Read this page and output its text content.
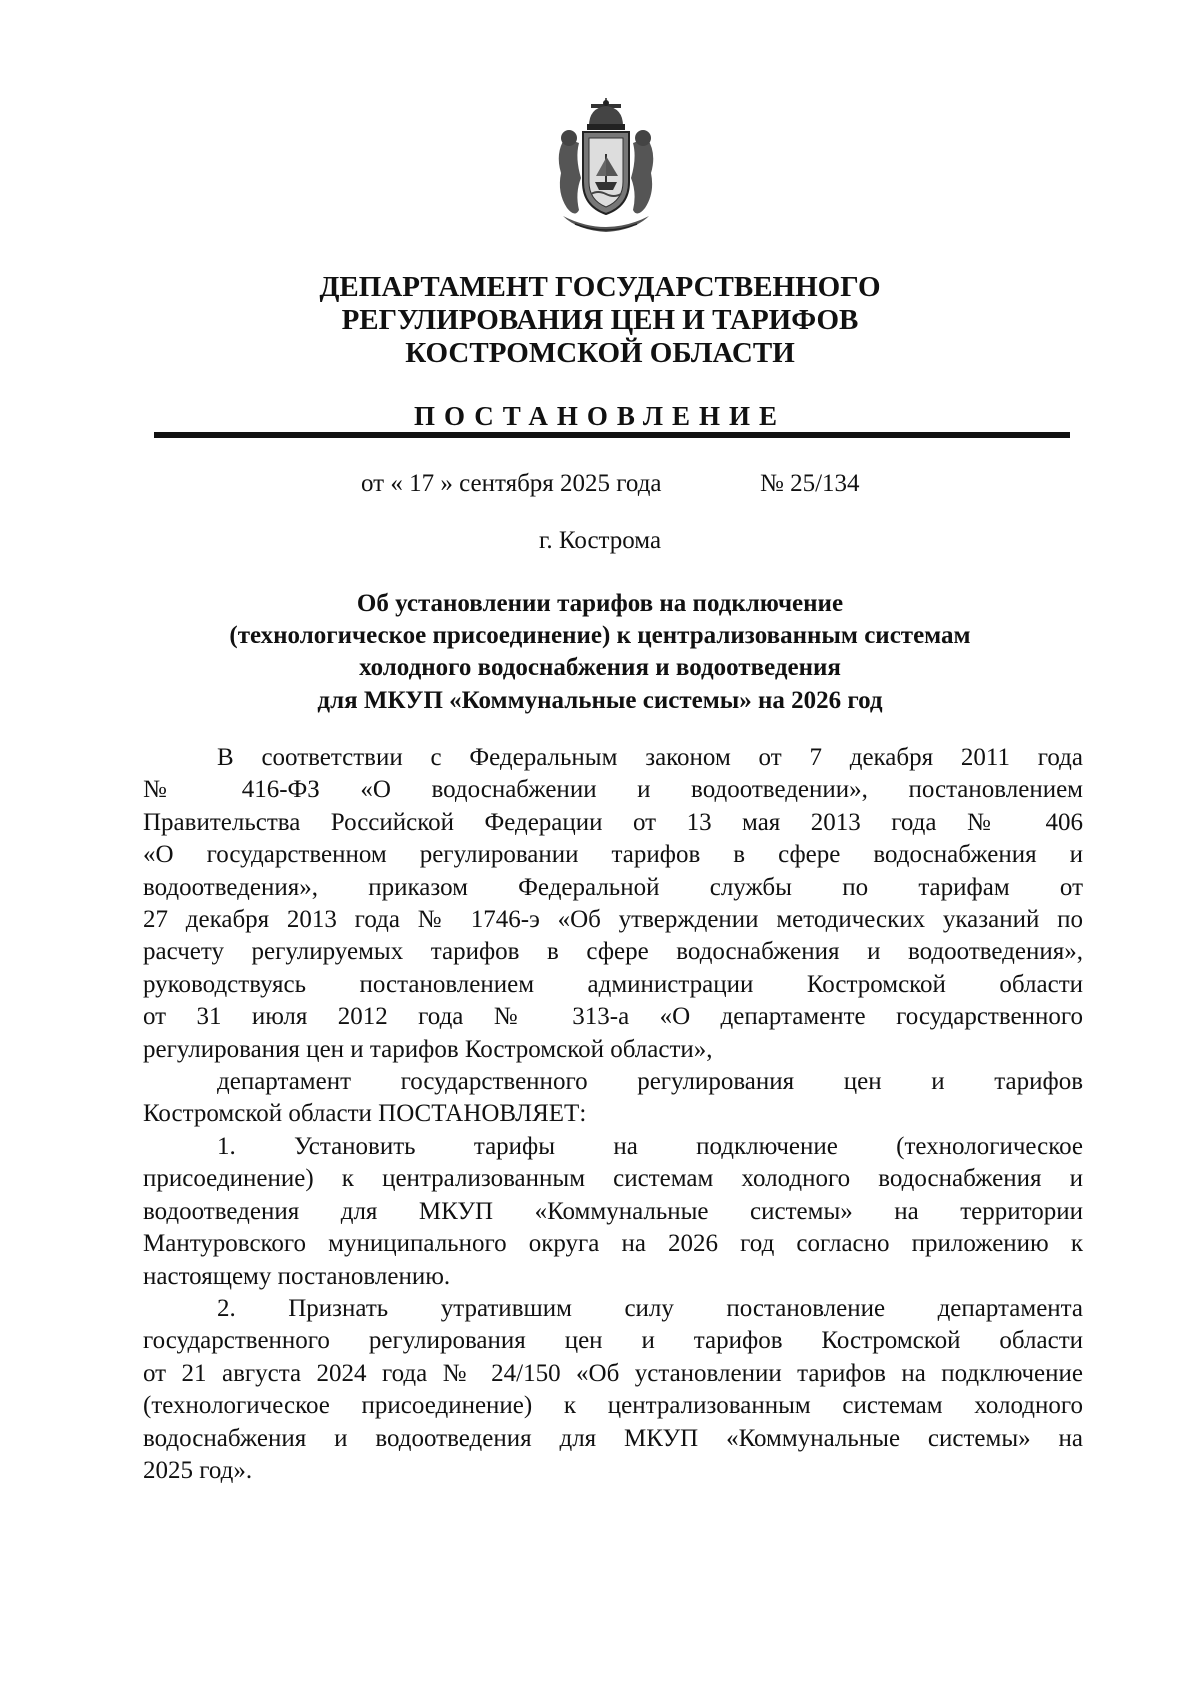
ДЕПАРТАМЕНТ ГОСУДАРСТВЕННОГО
РЕГУЛИРОВАНИЯ ЦЕН И ТАРИФОВ
КОСТРОМСКОЙ ОБЛАСТИ
ПОСТАНОВЛЕНИЕ
от « 17 » сентября 2025 года	№ 25/134
г. Кострома
Об установлении тарифов на подключение
(технологическое присоединение) к централизованным системам
холодного водоснабжения и водоотведения
для МКУП «Коммунальные системы» на 2026 год

В соответствии с Федеральным законом от 7 декабря 2011 года
№ 416-ФЗ «О водоснабжении и водоотведении», постановлением
Правительства Российской Федерации от 13 мая 2013 года № 406
«О государственном регулировании тарифов в сфере водоснабжения и
водоотведения», приказом Федеральной службы по тарифам от
27 декабря 2013 года № 1746-э «Об утверждении методических указаний по
расчету регулируемых тарифов в сфере водоснабжения и водоотведения»,
руководствуясь постановлением администрации Костромской области
от 31 июля 2012 года № 313-а «О департаменте государственного
регулирования цен и тарифов Костромской области»,

департамент государственного регулирования цен и тарифов
Костромской области ПОСТАНОВЛЯЕТ:

1. Установить тарифы на подключение (технологическое
присоединение) к централизованным системам холодного водоснабжения и
водоотведения для МКУП «Коммунальные системы» на территории
Мантуровского муниципального округа на 2026 год согласно приложению к
настоящему постановлению.

2. Признать утратившим силу постановление департамента
государственного регулирования цен и тарифов Костромской области
от 21 августа 2024 года № 24/150 «Об установлении тарифов на подключение
(технологическое присоединение) к централизованным системам холодного
водоснабжения и водоотведения для МКУП «Коммунальные системы» на
2025 год».
